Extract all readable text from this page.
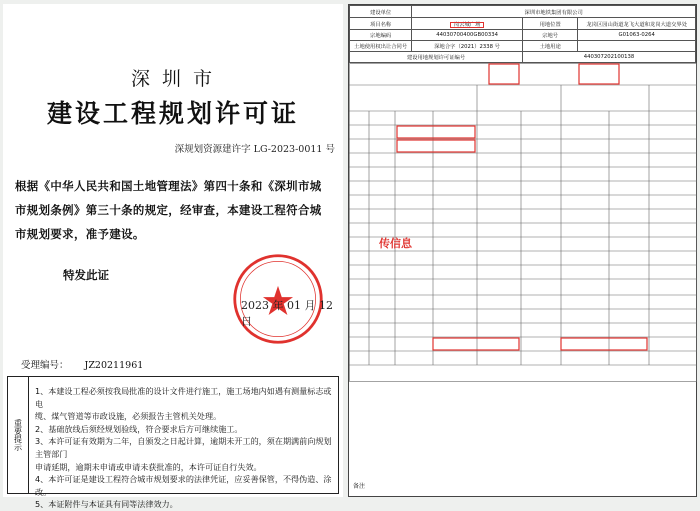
深 圳 市
建设工程规划许可证
深规划资源建许字 LG-2023-0011 号
根据《中华人民共和国土地管理法》第四十条和《深圳市城市规划条例》第三十条的规定，经审查，本建设工程符合城市规划要求，准予建设。
特发此证
2023 年 01 月 12 日
受理编号： JZ20211961
重要提示
1、本建设工程必须按我局批准的设计文件进行施工，施工场地内如遇有测量标志或电
缆、煤气管道等市政设施，必须报告主管机关处理。
2、基础放线后须经规划验线，符合要求后方可继续施工。
3、本许可证有效期为二年，自颁发之日起计算，逾期未开工的，须在期满前向规划主管部门
申请延期，逾期未申请或申请未获批准的，本许可证自行失效。
4、本许可证是建设工程符合城市规划要求的法律凭证，应妥善保管，不得伪造、涂改。
5、本证附件与本证具有同等法律效力。
建设单位	深圳市地铁集团有限公司		
项目名称	岗云城广场	用地位置	龙岗区园山街道龙飞大道和龙岗大道交界处
宗地编码	44030700400GB00334	宗地号	G01063-0264
土地使用权出让合同号	深地合字（2021）2338 号	土地用途	
建设用地规划许可证编号		440307202100138	
传信息
备注
